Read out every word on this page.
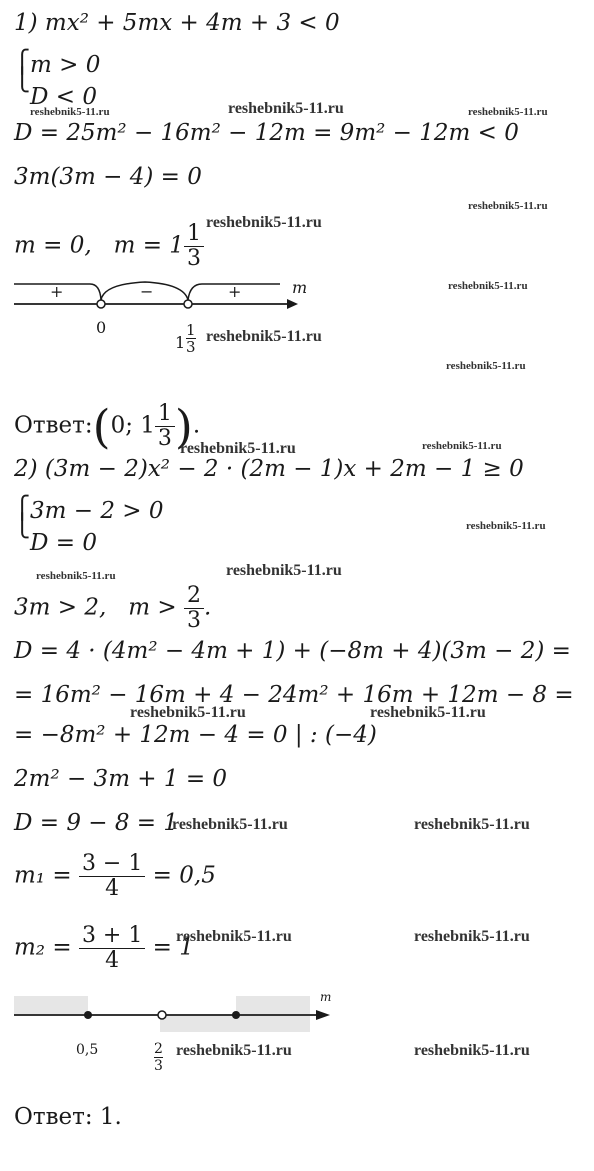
1) mx² + 5mx + 4m + 3 < 0
⎧
⎩
m > 0
D < 0
D = 25m² − 16m² − 12m = 9m² − 12m < 0
3m(3m − 4) = 0
m = 0, $m = 1 \frac{1}{3}$
+	−	+	m
0
$1 \frac{1}{3}$
Ответ:(0; $1 \frac{1}{3}$ ).
2) (3m − 2)x² − 2 · (2m − 1)x + 2m − 1 ≥ 0
⎧
⎩
3m − 2 > 0
D = 0
3m > 2, $m > \frac{2}{3}$ .
D = 4 · (4m² − 4m + 1) + (−8m + 4)(3m − 2) =
= 16m² − 16m + 4 − 24m² + 16m + 12m − 8 =
= −8m² + 12m − 4 = 0 | : (−4)
2m² − 3m + 1 = 0
D = 9 − 8 = 1
$m_1 = \frac{3 - 1}{4} = 0,5$
$m_2 = \frac{3 + 1}{4} = 1$
m
0,5	$\frac{2}{3}$
Ответ: 1.
reshebnik5-11.ru	reshebnik5-11.ru	reshebnik5-11.ru
reshebnik5-11.ru
reshebnik5-11.ru
reshebnik5-11.ru
reshebnik5-11.ru
reshebnik5-11.ru
reshebnik5-11.ru	reshebnik5-11.ru
reshebnik5-11.ru
reshebnik5-11.ru	reshebnik5-11.ru
reshebnik5-11.ru	reshebnik5-11.ru
reshebnik5-11.ru	reshebnik5-11.ru
reshebnik5-11.ru	reshebnik5-11.ru
reshebnik5-11.ru	reshebnik5-11.ru
